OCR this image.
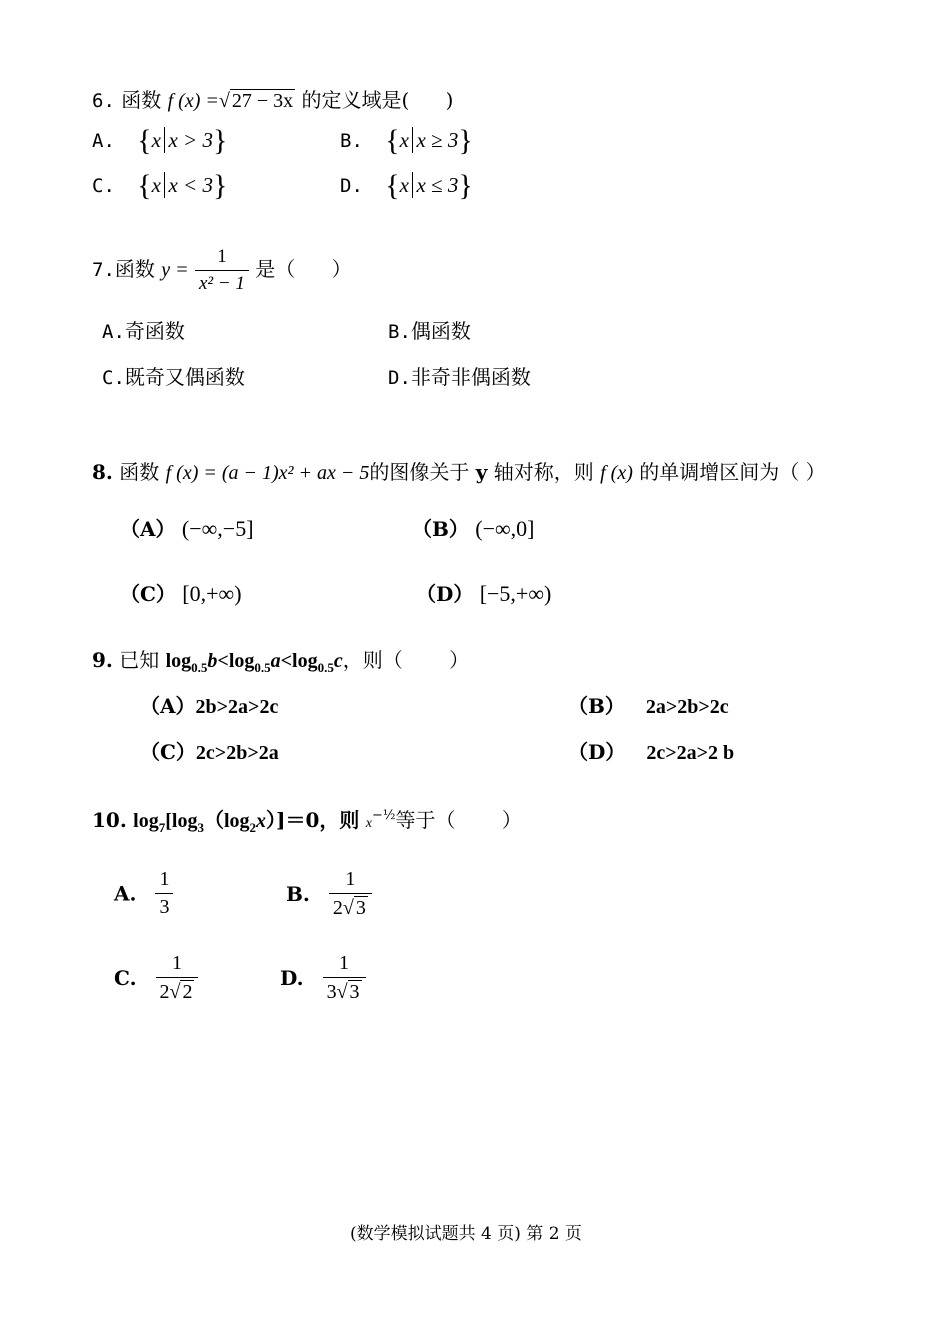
6. 函数 f (x) =√ 27 − 3x 的定义域是( )
A. {x x > 3}	B. {x x ≥ 3}
C. {x x < 3}	D. {x x ≤ 3}
7.函数 $y = \frac{1}{\text{x² − 1}}$ 是（ ）
A.奇函数	B.偶函数
C.既奇又偶函数	D.非奇非偶函数
8. 函数 f (x) = (a − 1)x² + ax − 5的图像关于 y 轴对称，则 f (x) 的单调增区间为（ ）
（A） (−∞,−5]	（B） (−∞,0]
（C） [0,+∞)	（D） [−5,+∞)
9. 已知 $\log_{0.5}b<\log_{0.5}a<\log_{0.5}c$，则（ ）
（A）2b>2a>2c	（B） 2a>2b>2c
（C）2c>2b>2a	（D） 2c>2a>2 b
10. $\log_7[\log_3(\log_2x)]=0$，则 $x^{-\frac{1}{2}}$等于（ ）
A. $\frac{1}{3}$	B. $\frac{1}{2√ 3}$
C. $\frac{1}{2√ 2}$	D. $\frac{1}{3√ 3}$
(数学模拟试题共 4 页) 第 2 页
